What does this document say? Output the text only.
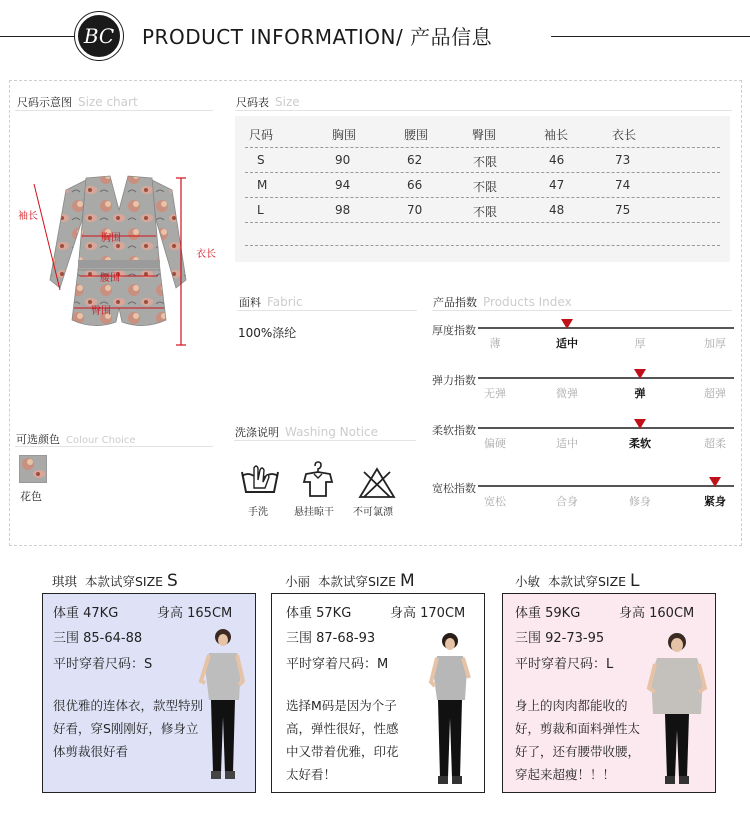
BC PRODUCT INFORMATION/ 产品信息
尺码示意图 Size chart
袖长
胸围
腰围
臀围
衣长
尺码表 Size
尺码	胸围	腰围	臀围	袖长	衣长
S	90	62	不限	46	73
M	94	66	不限	47	74
L	98	70	不限	48	75
面料 Fabric
100%涤纶
产品指数 Products Index
厚度指数
薄	适中	厚	加厚
弹力指数
无弹	微弹	弹	超弹
柔软指数
偏硬	适中	柔软	超柔
宽松指数
宽松	合身	修身	紧身
可选颜色 Colour Choice
花色
洗涤说明 Washing Notice
手洗	悬挂晾干 不可氯漂
琪琪 本款试穿SIZE S
体重 47KG	身高 165CM
三围 85-64-88
平时穿着尺码：S
很优雅的连体衣，款型特别好看，穿S刚刚好，修身立体剪裁很好看
小丽 本款试穿SIZE M
体重 57KG	身高 170CM
三围 87-68-93
平时穿着尺码：M
选择M码是因为个子高，弹性很好，性感中又带着优雅，印花太好看！
小敏 本款试穿SIZE L
体重 59KG	身高 160CM
三围 92-73-95
平时穿着尺码：L
身上的肉肉都能收的好，剪裁和面料弹性太好了，还有腰带收腰，穿起来超瘦！！！
